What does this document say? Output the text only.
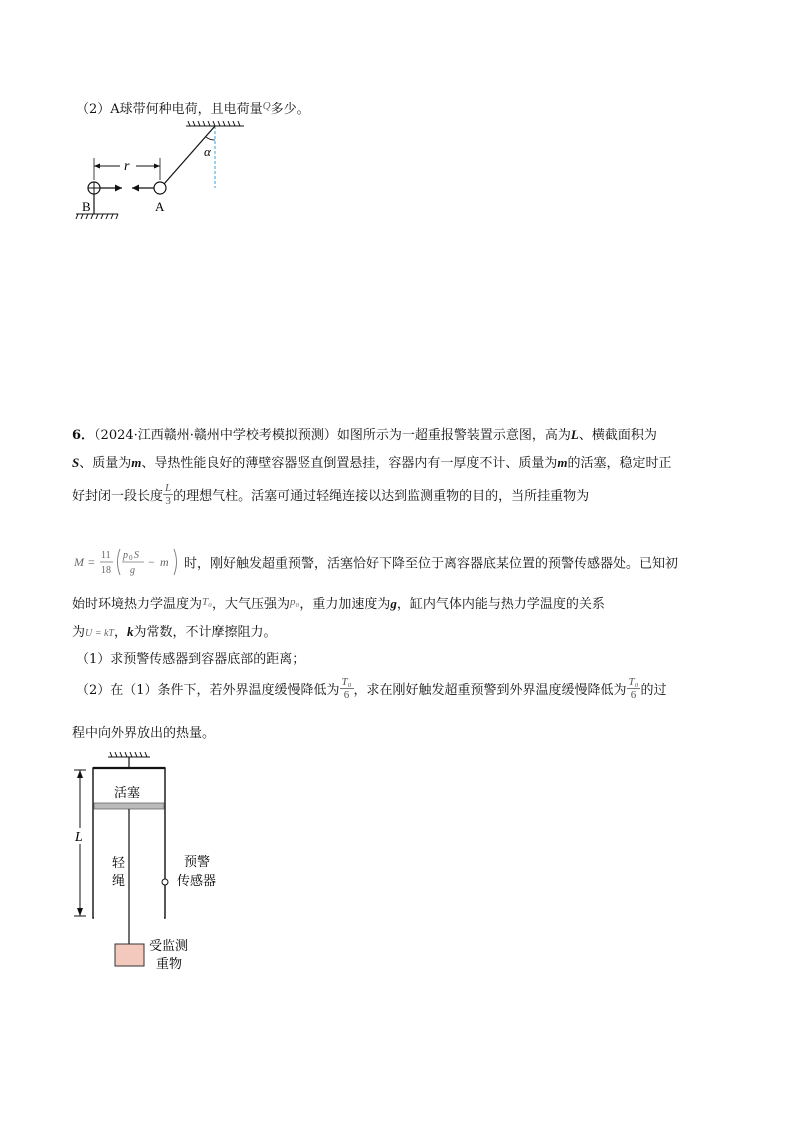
（2）A球带何种电荷，且电荷量$^Q$多少。
α
r
B	A
6．（2024·江西赣州·赣州中学校考模拟预测）如图所示为一超重报警装置示意图，高为L、横截面积为
S、质量为m、导热性能良好的薄壁容器竖直倒置悬挂，容器内有一厚度不计、质量为m的活塞，稳定时正
好封闭一段长度 $\frac{L}{3}$ 的理想气柱。活塞可通过轻绳连接以达到监测重物的目的，当所挂重物为
M = 11
18
p 0 S
g
− m 时，刚好触发超重预警，活塞恰好下降至位于离容器底某位置的预警传感器处。已知初
始时环境热力学温度为$^{T_0}$，大气压强为$^{p_0}$，重力加速度为g，缸内气体内能与热力学温度的关系
为U = kT，k为常数，不计摩擦阻力。
（1）求预警传感器到容器底部的距离；
（2）在（1）条件下，若外界温度缓慢降低为 $\frac{\text{T₀}}{6}$ ，求在刚好触发超重预警到外界温度缓慢降低为 $\frac{\text{T₀}}{6}$ 的过
程中向外界放出的热量。
活塞
轻
绳
预警
传感器
受监测
重物
L
